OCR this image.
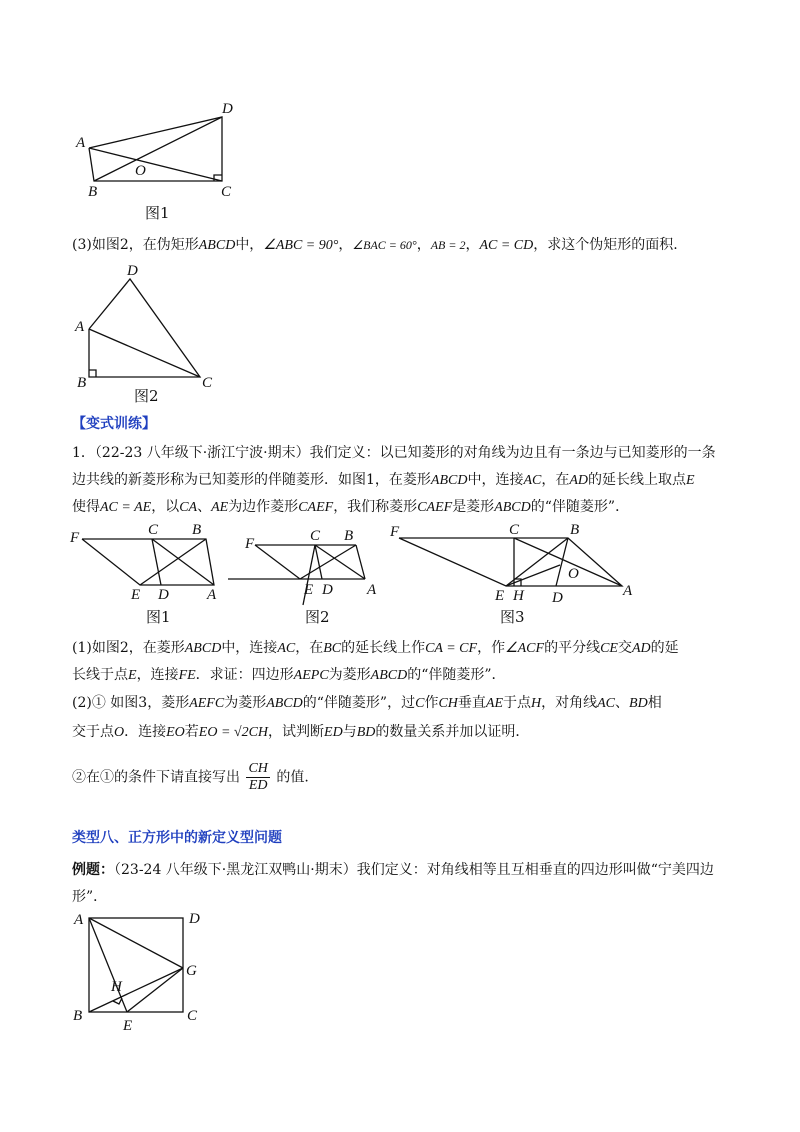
A
D
B	C
O
图1
D
A
B	C
图2
F	C B
E D	A
图1
F	C B
E D A
图2
F	C	B
E H D
O
A
图3
A	D
G
H
B
E
C
(3)如图2，在伪矩形ABCD中，∠ABC = 90°，∠BAC = 60°，AB = 2，AC = CD，求这个伪矩形的面积.
【变式训练】
1．（22-23 八年级下·浙江宁波·期末）我们定义：以已知菱形的对角线为边且有一条边与已知菱形的一条
边共线的新菱形称为已知菱形的伴随菱形．如图1，在菱形ABCD中，连接AC，在AD的延长线上取点E
使得AC = AE，以CA、AE为边作菱形CAEF，我们称菱形CAEF是菱形ABCD的“伴随菱形”．
(1)如图2，在菱形ABCD中，连接AC，在BC的延长线上作CA = CF，作∠ACF的平分线CE交AD的延
长线于点E，连接FE．求证：四边形AEPC为菱形ABCD的“伴随菱形”．
(2)① 如图3，菱形AEFC为菱形ABCD的“伴随菱形”，过C作CH垂直AE于点H，对角线AC、BD相
交于点O．连接EO若EO = √2CH，试判断ED与BD的数量关系并加以证明．
②在①的条件下请直接写出 $\frac{CH}{ED}$ 的值.
类型八、正方形中的新定义型问题
例题：（23-24 八年级下·黑龙江双鸭山·期末）我们定义：对角线相等且互相垂直的四边形叫做“宁美四边
形”．
